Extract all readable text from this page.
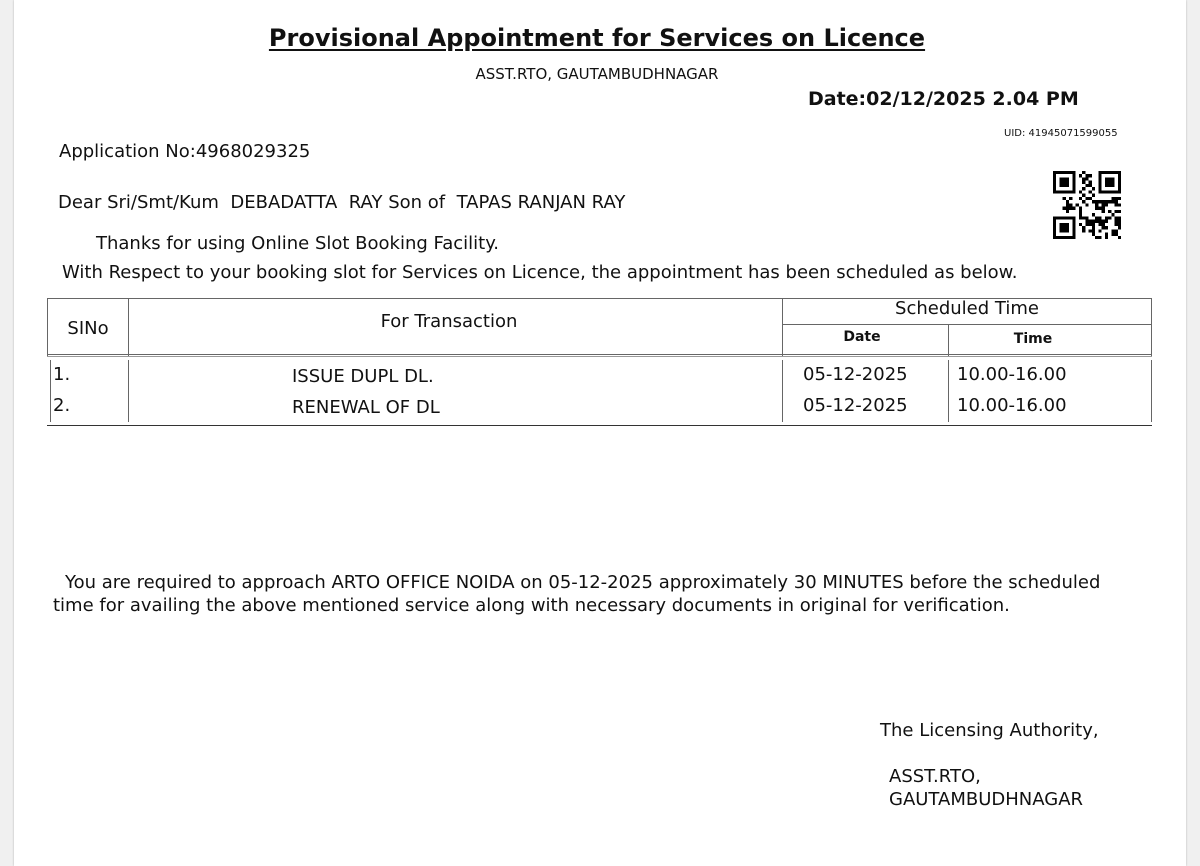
Provisional Appointment for Services on Licence
ASST.RTO, GAUTAMBUDHNAGAR
Date:02/12/2025 2.04 PM
UID: 41945071599055
Application No:4968029325
Dear Sri/Smt/Kum DEBADATTA  RAY Son of TAPAS RANJAN RAY
Thanks for using Online Slot Booking Facility.
With Respect to your booking slot for Services on Licence, the appointment has been scheduled as below.
SINo	For Transaction
Scheduled Time
Date	Time
1.	ISSUE DUPL DL.	05-12-2025	10.00-16.00
2.	RENEWAL OF DL	05-12-2025	10.00-16.00
You are required to approach ARTO OFFICE NOIDA on 05-12-2025 approximately 30 MINUTES before the scheduled time for availing the above mentioned service along with necessary documents in original for verification.
The Licensing Authority,
ASST.RTO,
GAUTAMBUDHNAGAR
